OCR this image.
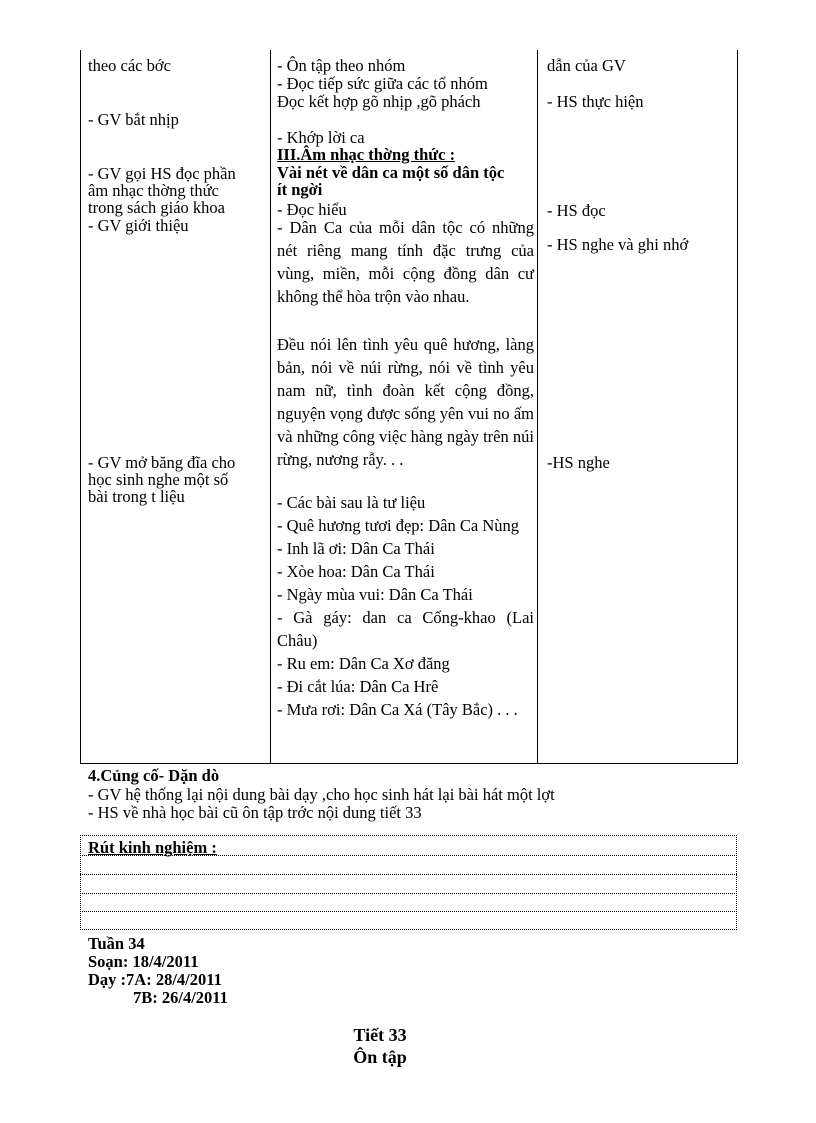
theo các bớc
- GV bắt nhịp
- GV gọi HS đọc phần
âm nhạc thờng thức
trong sách giáo khoa
- GV giới thiệu
- GV mở băng đĩa cho
học sinh nghe một số
bài trong t liệu
- Ôn tập theo nhóm
- Đọc tiếp sức giữa các tổ nhóm
Đọc kết hợp gõ nhịp ,gõ phách
- Khớp lời ca
III.Âm nhạc thờng thức :
Vài nét về dân ca một số dân tộc
ít ngời
- Đọc hiểu
- Dân Ca của mỗi dân tộc có những nét riêng mang tính đặc trưng của vùng, miền, mỗi cộng đồng dân cư không thể hòa trộn vào nhau.
Đều nói lên tình yêu quê hương, làng bản, nói về núi rừng, nói về tình yêu nam nữ, tình đoàn kết cộng đồng, nguyện vọng được sống yên vui no ấm và những công việc hàng ngày trên núi rừng, nương rẫy. . .
- Các bài sau là tư liệu
- Quê hương tươi đẹp: Dân Ca Nùng
- Inh lã ơi: Dân Ca Thái
- Xòe hoa: Dân Ca Thái
- Ngày mùa vui: Dân Ca Thái
- Gà gáy: dan ca Cống-khao (Lai Châu)
- Ru em: Dân Ca Xơ đăng
- Đi cắt lúa: Dân Ca Hrê
- Mưa rơi: Dân Ca Xá (Tây Bắc) . . .
dẫn của GV
- HS thực hiện
- HS đọc
- HS nghe và ghi nhớ
-HS nghe
4.Củng cố- Dặn dò
- GV hệ thống lại nội dung bài dạy ,cho học sinh hát lại bài hát một lợt
- HS về nhà học bài cũ ôn tập trớc nội dung tiết 33
Rút kinh nghiệm :
Tuần 34
Soạn: 18/4/2011
Dạy :7A: 28/4/2011
7B: 26/4/2011
Tiết 33
Ôn tập
